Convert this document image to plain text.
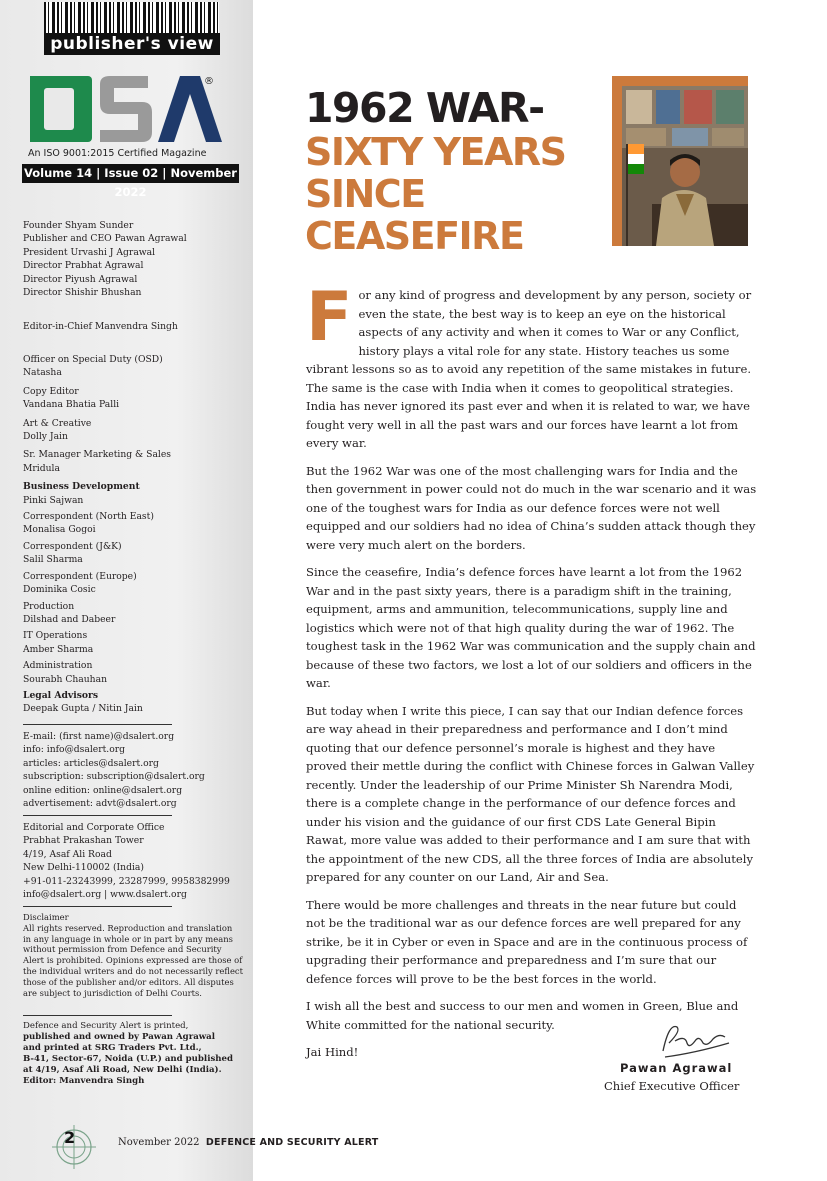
publisher's view
®
An ISO 9001:2015 Certified Magazine
Volume 14 | Issue 02 | November 2022
Founder Shyam Sunder
Publisher and CEO Pawan Agrawal
President Urvashi J Agrawal
Director Prabhat Agrawal
Director Piyush Agrawal
Director Shishir Bhushan
Editor-in-Chief Manvendra Singh
Officer on Special Duty (OSD)
Natasha
Copy Editor
Vandana Bhatia Palli
Art & Creative
Dolly Jain
Sr. Manager Marketing & Sales
Mridula
Business Development
Pinki Sajwan
Correspondent (North East)
Monalisa Gogoi
Correspondent (J&K)
Salil Sharma
Correspondent (Europe)
Dominika Cosic
Production
Dilshad and Dabeer
IT Operations
Amber Sharma
Administration
Sourabh Chauhan
Legal Advisors
Deepak Gupta / Nitin Jain
E-mail: (first name)@dsalert.org
info: info@dsalert.org
articles: articles@dsalert.org
subscription: subscription@dsalert.org
online edition: online@dsalert.org
advertisement: advt@dsalert.org
Editorial and Corporate Office
Prabhat Prakashan Tower
4/19, Asaf Ali Road
New Delhi-110002 (India)
+91-011-23243999, 23287999, 9958382999
info@dsalert.org | www.dsalert.org
Disclaimer
All rights reserved. Reproduction and translation
in any language in whole or in part by any means
without permission from Defence and Security
Alert is prohibited. Opinions expressed are those of
the individual writers and do not necessarily reflect
those of the publisher and/or editors. All disputes
are subject to jurisdiction of Delhi Courts.
Defence and Security Alert is printed,
published and owned by Pawan Agrawal
and printed at SRG Traders Pvt. Ltd.,
B-41, Sector-67, Noida (U.P.) and published
at 4/19, Asaf Ali Road, New Delhi (India).
Editor: Manvendra Singh
2	November 2022 DEFENCE AND SECURITY ALERT
1962 WAR-
SIXTY YEARS
SINCE
CEASEFIRE

For any kind of progress and development by any person, society or even the state, the best way is to keep an eye on the historical aspects of any activity and when it comes to War or any Conflict, history plays a vital role for any state. History teaches us some vibrant lessons so as to avoid any repetition of the same mistakes in future. The same is the case with India when it comes to geopolitical strategies. India has never ignored its past ever and when it is related to war, we have fought very well in all the past wars and our forces have learnt a lot from every war.

But the 1962 War was one of the most challenging wars for India and the then government in power could not do much in the war scenario and it was one of the toughest wars for India as our defence forces were not well equipped and our soldiers had no idea of China’s sudden attack though they were very much alert on the borders.

Since the ceasefire, India’s defence forces have learnt a lot from the 1962 War and in the past sixty years, there is a paradigm shift in the training, equipment, arms and ammunition, telecommunications, supply line and logistics which were not of that high quality during the war of 1962. The toughest task in the 1962 War was communication and the supply chain and because of these two factors, we lost a lot of our soldiers and officers in the war.

But today when I write this piece, I can say that our Indian defence forces are way ahead in their preparedness and performance and I don’t mind quoting that our defence personnel’s morale is highest and they have proved their mettle during the conflict with Chinese forces in Galwan Valley recently. Under the leadership of our Prime Minister Sh Narendra Modi, there is a complete change in the performance of our defence forces and under his vision and the guidance of our first CDS Late General Bipin Rawat, more value was added to their performance and I am sure that with the appointment of the new CDS, all the three forces of India are absolutely prepared for any counter on our Land, Air and Sea.

There would be more challenges and threats in the near future but could not be the traditional war as our defence forces are well prepared for any strike, be it in Cyber or even in Space and are in the continuous process of upgrading their performance and preparedness and I’m sure that our defence forces will prove to be the best forces in the world.

I wish all the best and success to our men and women in Green, Blue and White committed for the national security.

Jai Hind!

Pawan Agrawal
Chief Executive Officer
